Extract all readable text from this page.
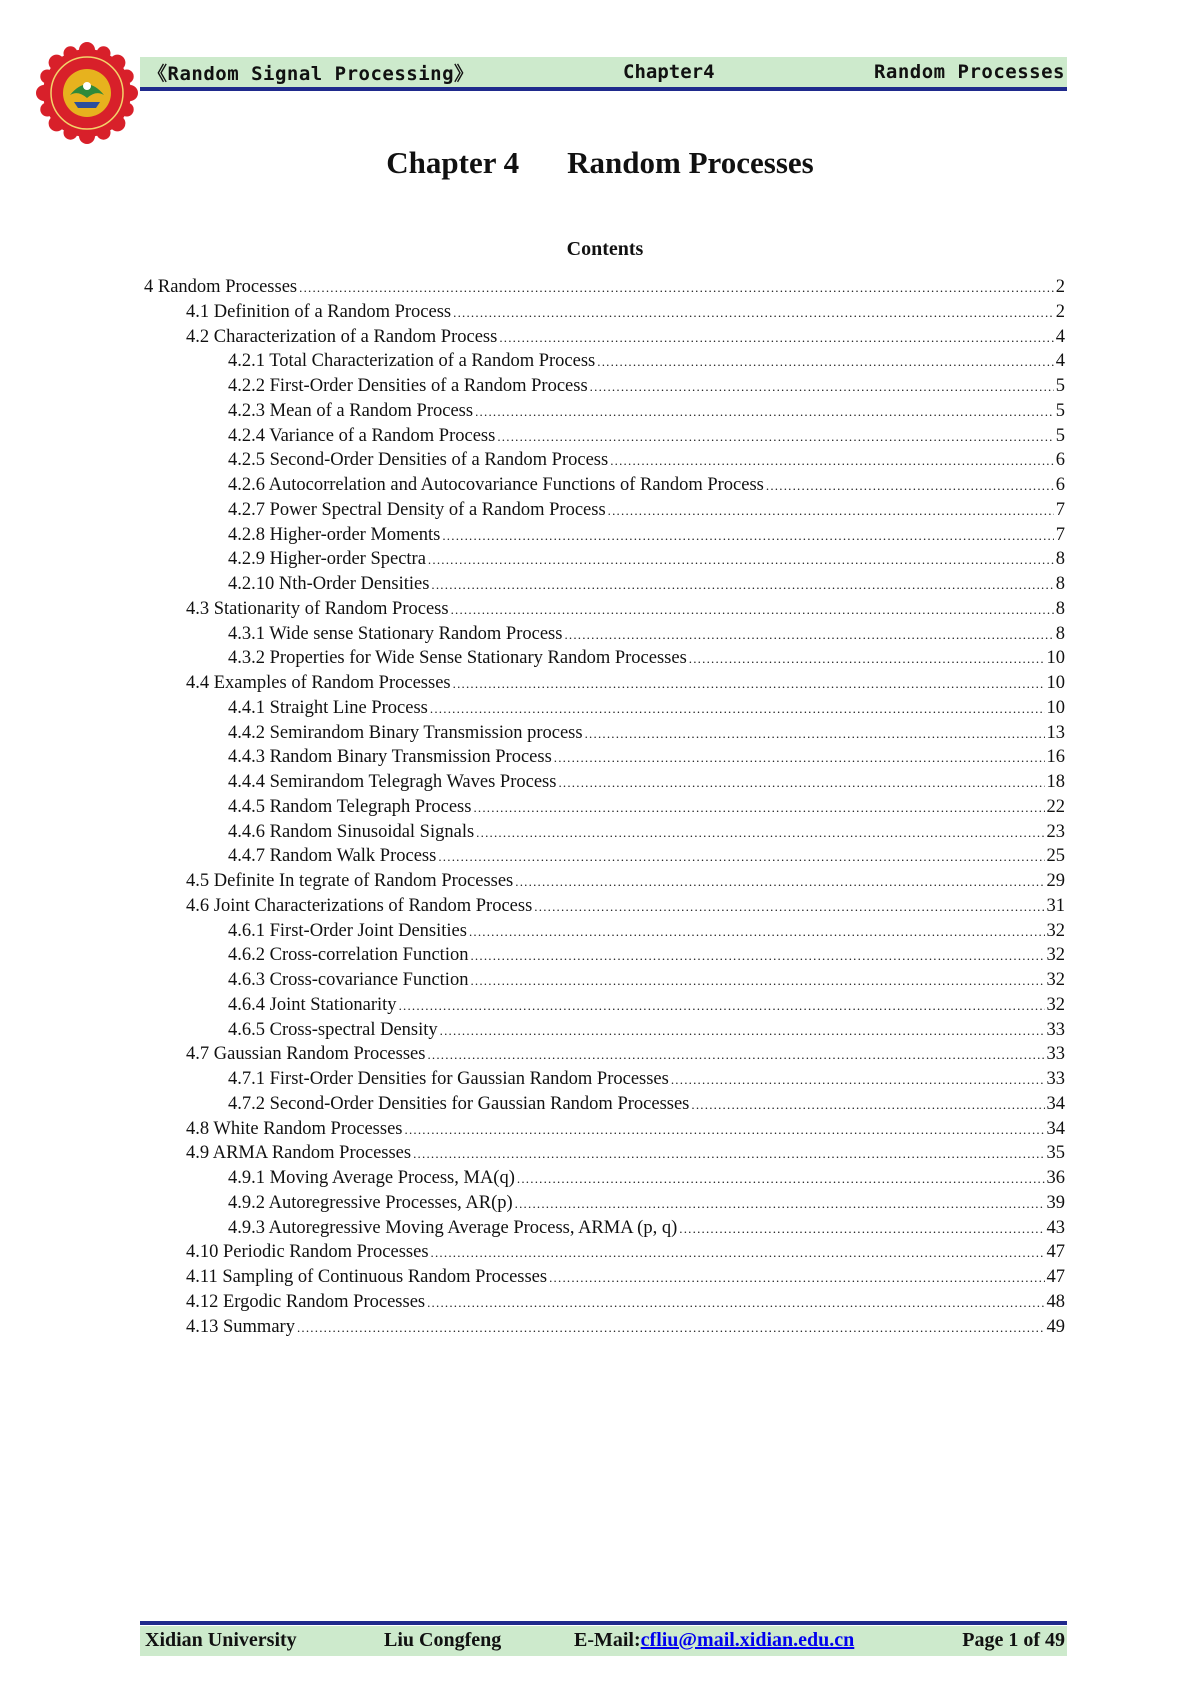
《Random Signal Processing》	Chapter4	Random Processes
Chapter 4 Random Processes
Contents
4 Random Processes .....	2
4.1 Definition of a Random Process .....	2
4.2 Characterization of a Random Process .....	4
4.2.1 Total Characterization of a Random Process .....	4
4.2.2 First-Order Densities of a Random Process .....	5
4.2.3 Mean of a Random Process .....	5
4.2.4 Variance of a Random Process .....	5
4.2.5 Second-Order Densities of a Random Process .....	6
4.2.6 Autocorrelation and Autocovariance Functions of Random Process .....	6
4.2.7 Power Spectral Density of a Random Process .....	7
4.2.8 Higher-order Moments .....	7
4.2.9 Higher-order Spectra .....	8
4.2.10 Nth-Order Densities .....	8
4.3 Stationarity of Random Process .....	8
4.3.1 Wide sense Stationary Random Process .....	8
4.3.2 Properties for Wide Sense Stationary Random Processes .....	10
4.4 Examples of Random Processes .....	10
4.4.1 Straight Line Process .....	10
4.4.2 Semirandom Binary Transmission process .....	13
4.4.3 Random Binary Transmission Process .....	16
4.4.4 Semirandom Telegragh Waves Process .....	18
4.4.5 Random Telegraph Process .....	22
4.4.6 Random Sinusoidal Signals .....	23
4.4.7 Random Walk Process .....	25
4.5 Definite In tegrate of Random Processes .....	29
4.6 Joint Characterizations of Random Process .....	31
4.6.1 First-Order Joint Densities .....	32
4.6.2 Cross-correlation Function .....	32
4.6.3 Cross-covariance Function .....	32
4.6.4 Joint Stationarity .....	32
4.6.5 Cross-spectral Density .....	33
4.7 Gaussian Random Processes .....	33
4.7.1 First-Order Densities for Gaussian Random Processes .....	33
4.7.2 Second-Order Densities for Gaussian Random Processes .....	34
4.8 White Random Processes .....	34
4.9 ARMA Random Processes .....	35
4.9.1 Moving Average Process, MA(q) .....	36
4.9.2 Autoregressive Processes, AR(p) .....	39
4.9.3 Autoregressive Moving Average Process, ARMA (p, q) .....	43
4.10 Periodic Random Processes .....	47
4.11 Sampling of Continuous Random Processes .....	47
4.12 Ergodic Random Processes .....	48
4.13 Summary .....	49
Xidian University	Liu Congfeng	E-Mail:cfliu@mail.xidian.edu.cn	Page 1 of 49
